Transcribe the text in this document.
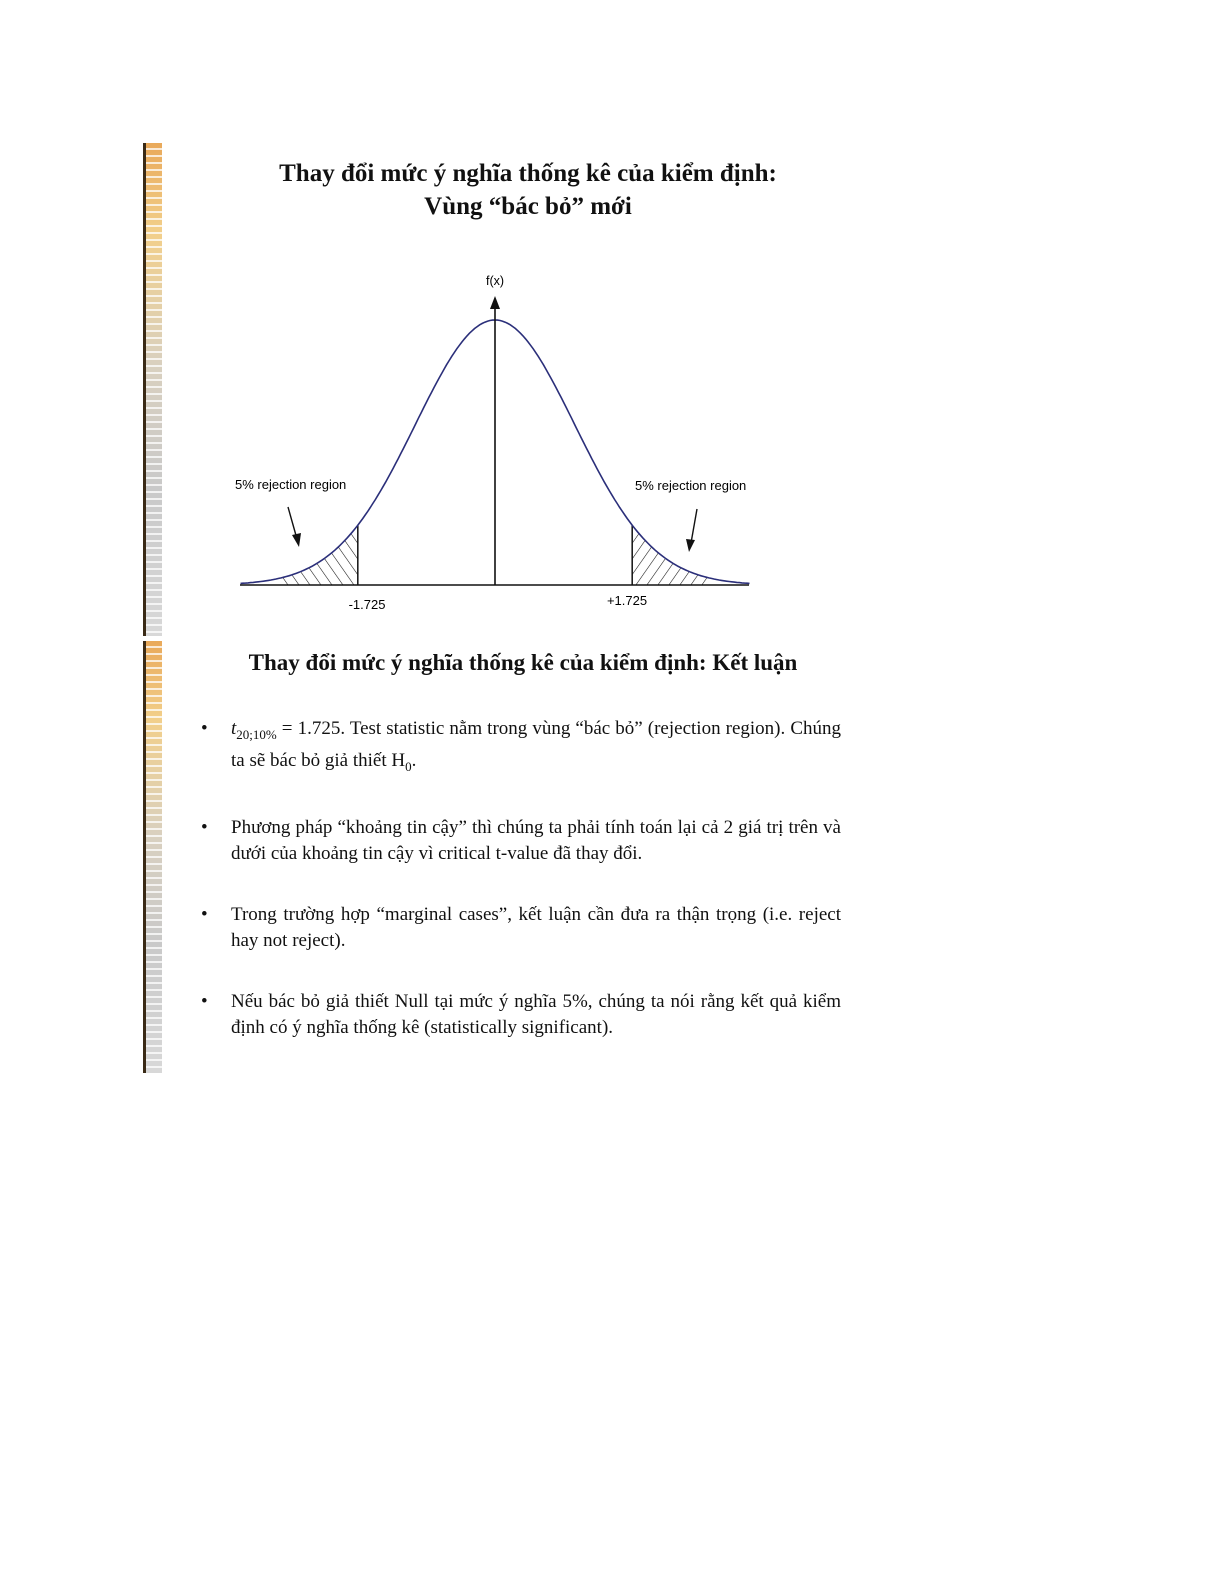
Thay đổi mức ý nghĩa thống kê của kiểm định:
Vùng “bác bỏ” mới
f(x)
5% rejection region	5% rejection region
-1.725	+1.725
Thay đổi mức ý nghĩa thống kê của kiểm định: Kết luận
• $t_{20;10\%} = 1.725$. Test statistic nằm trong vùng “bác bỏ” (rejection region). Chúng ta sẽ bác bỏ giả thiết $H_0$.
• Phương pháp “khoảng tin cậy” thì chúng ta phải tính toán lại cả 2 giá trị trên và dưới của khoảng tin cậy vì critical t-value đã thay đổi.
• Trong trường hợp “marginal cases”, kết luận cần đưa ra thận trọng (i.e. reject hay not reject).
• Nếu bác bỏ giả thiết Null tại mức ý nghĩa 5%, chúng ta nói rằng kết quả kiểm định có ý nghĩa thống kê (statistically significant).
